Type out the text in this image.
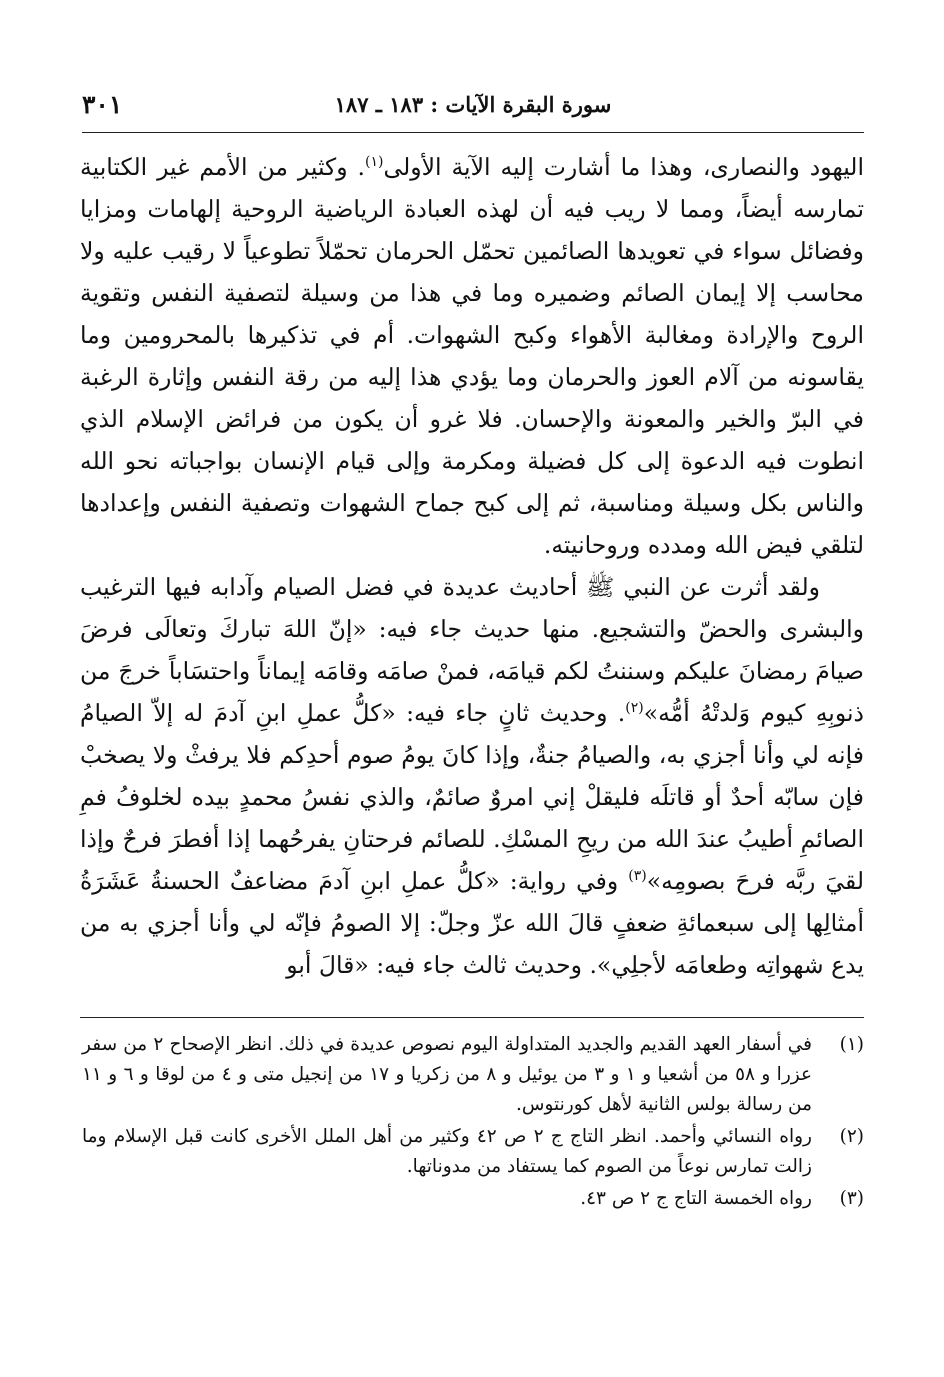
سورة البقرة الآيات : ١٨٣ ـ ١٨٧
٣٠١

اليهود والنصارى، وهذا ما أشارت إليه الآية الأولى$^{(١)}$. وكثير من الأمم غير الكتابية تمارسه أيضاً، ومما لا ريب فيه أن لهذه العبادة الرياضية الروحية إلهامات ومزايا وفضائل سواء في تعويدها الصائمين تحمّل الحرمان تحمّلاً تطوعياً لا رقيب عليه ولا محاسب إلا إيمان الصائم وضميره وما في هذا من وسيلة لتصفية النفس وتقوية الروح والإرادة ومغالبة الأهواء وكبح الشهوات. أم في تذكيرها بالمحرومين وما يقاسونه من آلام العوز والحرمان وما يؤدي هذا إليه من رقة النفس وإثارة الرغبة في البرّ والخير والمعونة والإحسان. فلا غرو أن يكون من فرائض الإسلام الذي انطوت فيه الدعوة إلى كل فضيلة ومكرمة وإلى قيام الإنسان بواجباته نحو الله والناس بكل وسيلة ومناسبة، ثم إلى كبح جماح الشهوات وتصفية النفس وإعدادها لتلقي فيض الله ومدده وروحانيته.

ولقد أثرت عن النبي ﷺ أحاديث عديدة في فضل الصيام وآدابه فيها الترغيب والبشرى والحضّ والتشجيع. منها حديث جاء فيه: «إنّ اللهَ تباركَ وتعالَى فرضَ صيامَ رمضانَ عليكم وسننتُ لكم قيامَه، فمنْ صامَه وقامَه إيماناً واحتسَاباً خرجَ من ذنوبِهِ كيوم وَلدتْهُ أمُّه»$^{(٢)}$. وحديث ثانٍ جاء فيه: «كلُّ عملِ ابنِ آدمَ له إلاّ الصيامُ فإنه لي وأنا أجزي به، والصيامُ جنةٌ، وإذا كانَ يومُ صوم أحدِكم فلا يرفثْ ولا يصخبْ فإن سابّه أحدٌ أو قاتلَه فليقلْ إني امروٌ صائمٌ، والذي نفسُ محمدٍ بيده لخلوفُ فمِ الصائمِ أطيبُ عندَ الله من ريحِ المسْكِ. للصائم فرحتانِ يفرحُهما إذا أفطرَ فرحٌ وإذا لقيَ ربَّه فرحَ بصومِه»$^{(٣)}$ وفي رواية: «كلُّ عملِ ابنِ آدمَ مضاعفٌ الحسنةُ عَشَرَةُ أمثالِها إلى سبعمائةِ ضعفٍ قالَ الله عزّ وجلّ: إلا الصومُ فإنّه لي وأنا أجزي به من يدع شهواتِه وطعامَه لأجلِي». وحديث ثالث جاء فيه: «قالَ أبو

(١)
في أسفار العهد القديم والجديد المتداولة اليوم نصوص عديدة في ذلك. انظر الإصحاح ٢ من سفر عزرا و ٥٨ من أشعيا و ١ و ٣ من يوئيل و ٨ من زكريا و ١٧ من إنجيل متى و ٤ من لوقا و ٦ و ١١ من رسالة بولس الثانية لأهل كورنتوس.
(٢)
رواه النسائي وأحمد. انظر التاج ج ٢ ص ٤٢ وكثير من أهل الملل الأخرى كانت قبل الإسلام وما زالت تمارس نوعاً من الصوم كما يستفاد من مدوناتها.
(٣)
رواه الخمسة التاج ج ٢ ص ٤٣.
